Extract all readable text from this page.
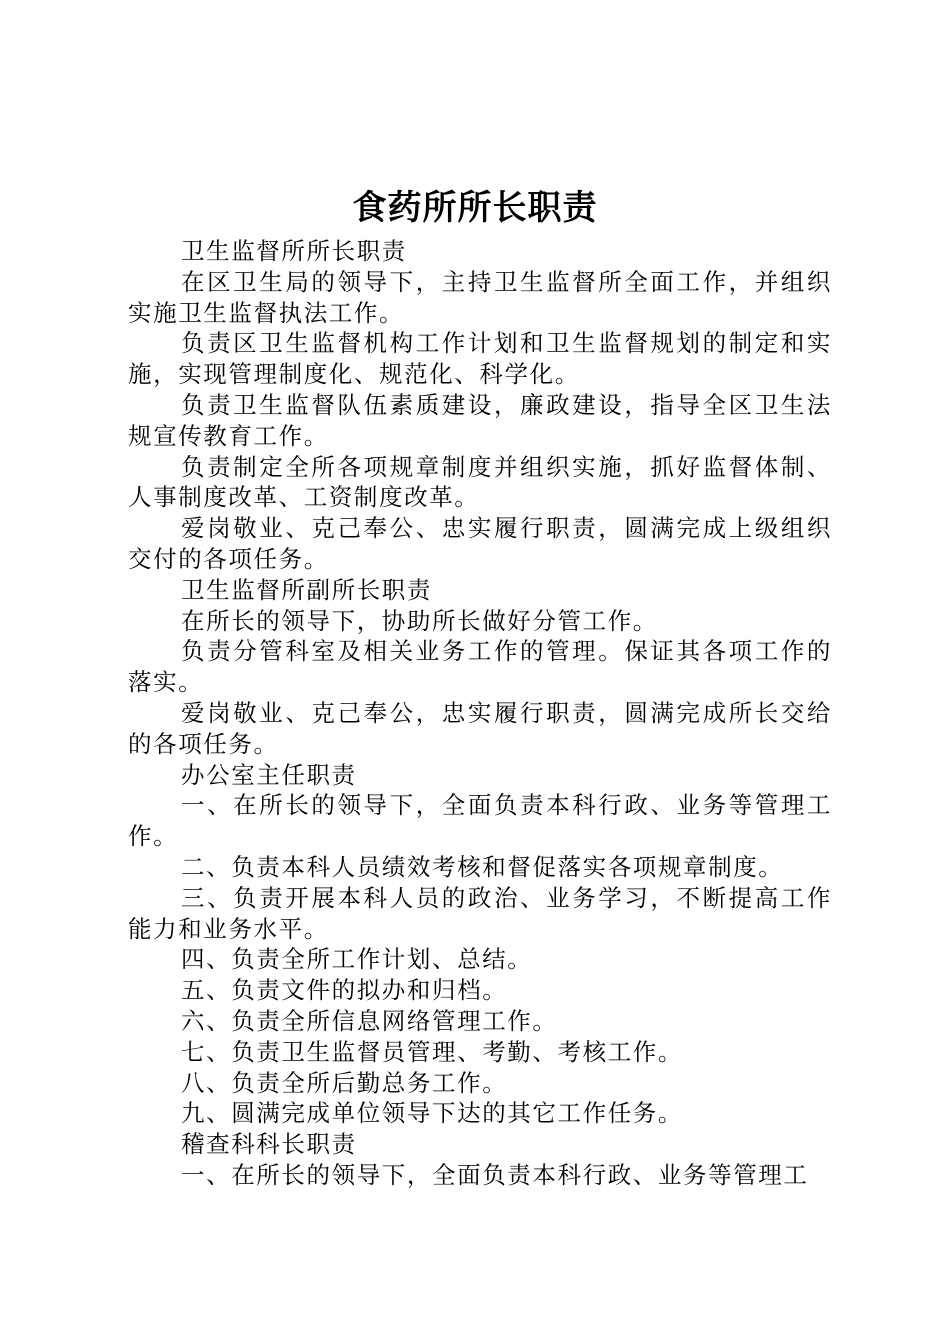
食药所所长职责

卫生监督所所长职责

在区卫生局的领导下，主持卫生监督所全面工作，并组织实施卫生监督执法工作。

负责区卫生监督机构工作计划和卫生监督规划的制定和实施，实现管理制度化、规范化、科学化。

负责卫生监督队伍素质建设，廉政建设，指导全区卫生法规宣传教育工作。

负责制定全所各项规章制度并组织实施，抓好监督体制、人事制度改革、工资制度改革。

爱岗敬业、克己奉公、忠实履行职责，圆满完成上级组织交付的各项任务。

卫生监督所副所长职责

在所长的领导下，协助所长做好分管工作。

负责分管科室及相关业务工作的管理。保证其各项工作的落实。

爱岗敬业、克己奉公，忠实履行职责，圆满完成所长交给的各项任务。

办公室主任职责

一、在所长的领导下，全面负责本科行政、业务等管理工作。

二、负责本科人员绩效考核和督促落实各项规章制度。

三、负责开展本科人员的政治、业务学习，不断提高工作能力和业务水平。

四、负责全所工作计划、总结。

五、负责文件的拟办和归档。

六、负责全所信息网络管理工作。

七、负责卫生监督员管理、考勤、考核工作。

八、负责全所后勤总务工作。

九、圆满完成单位领导下达的其它工作任务。

稽查科科长职责

一、在所长的领导下，全面负责本科行政、业务等管理工
